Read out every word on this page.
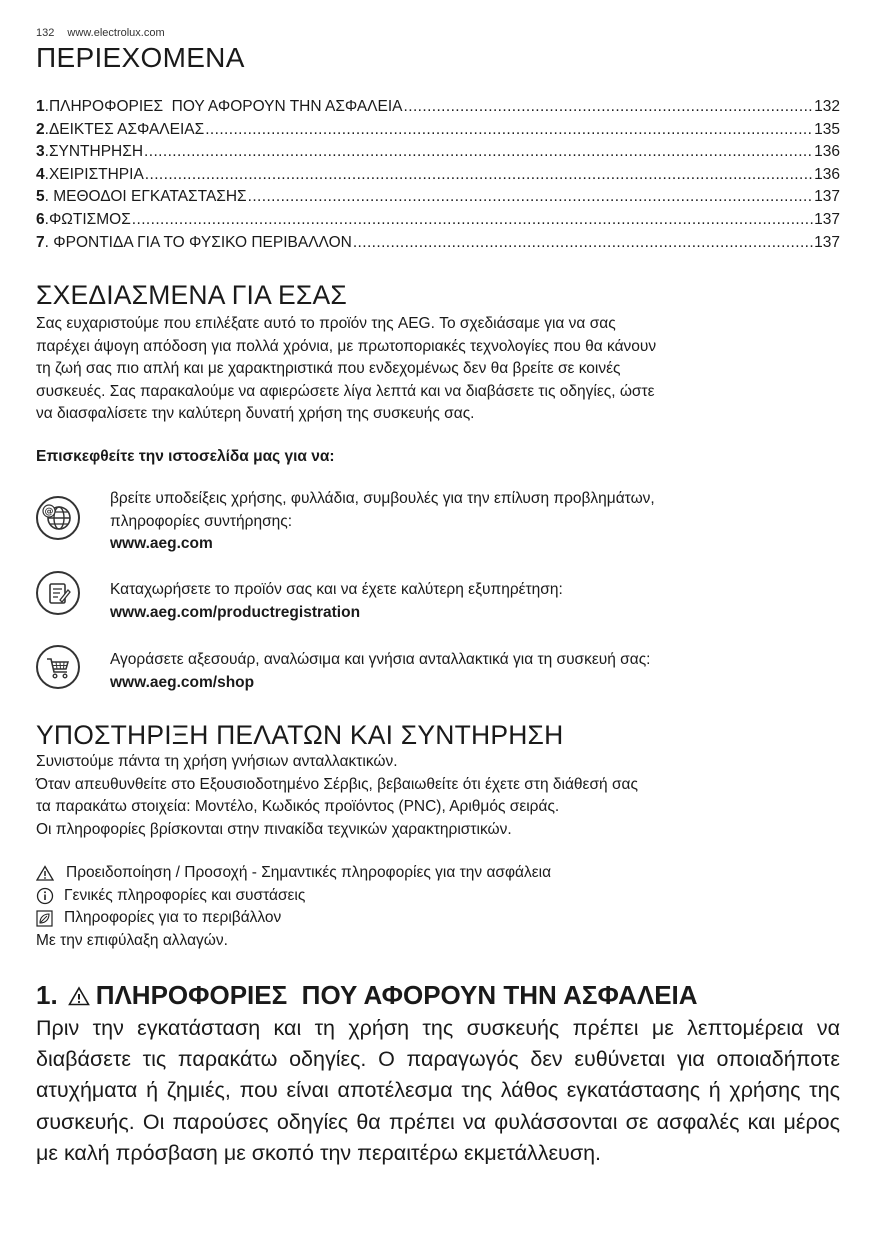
132 www.electrolux.com
ΠΕΡΙΕΧΟΜΕΝΑ
1 . ΠΛΗΡΟΦΟΡΙΕΣ  ΠΟΥ ΑΦΟΡΟΥΝ ΤΗΝ ΑΣΦΑΛΕΙΑ .....	132
2 . ΔΕΙΚΤΕΣ ΑΣΦΑΛΕΙΑΣ .....	135
3 . ΣΥΝΤΗΡΗΣΗ .....	136
4 . ΧΕΙΡΙΣΤΗΡΙΑ .....	136
5 . ΜΕΘΟΔΟΙ ΕΓΚΑΤΑΣΤΑΣΗΣ .....	137
6 . ΦΩΤΙΣΜΟΣ .....	137
7 . ΦΡΟΝΤΙΔΑ ΓΙΑ ΤΟ ΦΥΣΙΚΟ ΠΕΡΙΒΑΛΛΟΝ .....	137
ΣΧΕΔΙΑΣΜΕΝΑ ΓΙΑ ΕΣΑΣ
Σας ευχαριστούμε που επιλέξατε αυτό το προϊόν της AEG. Το σχεδιάσαμε για να σας
παρέχει άψογη απόδοση για πολλά χρόνια, με πρωτοποριακές τεχνολογίες που θα κάνουν
τη ζωή σας πιο απλή και με χαρακτηριστικά που ενδεχομένως δεν θα βρείτε σε κοινές
συσκευές. Σας παρακαλούμε να αφιερώσετε λίγα λεπτά και να διαβάσετε τις οδηγίες, ώστε
να διασφαλίσετε την καλύτερη δυνατή χρήση της συσκευής σας.
Επισκεφθείτε την ιστοσελίδα μας για να:
@
βρείτε υποδείξεις χρήσης, φυλλάδια, συμβουλές για την επίλυση προβλημάτων,
πληροφορίες συντήρησης:
www.aeg.com
Καταχωρήσετε το προϊόν σας και να έχετε καλύτερη εξυπηρέτηση:
www.aeg.com/productregistration
Αγοράσετε αξεσουάρ, αναλώσιμα και γνήσια ανταλλακτικά για τη συσκευή σας:
www.aeg.com/shop
ΥΠΟΣΤΗΡΙΞΗ ΠΕΛΑΤΩΝ ΚΑΙ ΣΥΝΤΗΡΗΣΗ
Συνιστούμε πάντα τη χρήση γνήσιων ανταλλακτικών.
Όταν απευθυνθείτε στο Εξουσιοδοτημένο Σέρβις, βεβαιωθείτε ότι έχετε στη διάθεσή σας
τα παρακάτω στοιχεία: Μοντέλο, Κωδικός προϊόντος (PNC), Αριθμός σειράς.
Οι πληροφορίες βρίσκονται στην πινακίδα τεχνικών χαρακτηριστικών.
Προειδοποίηση / Προσοχή - Σημαντικές πληροφορίες για την ασφάλεια
Γενικές πληροφορίες και συστάσεις
Πληροφορίες για το περιβάλλον
Με την επιφύλαξη αλλαγών.
1. ΠΛΗΡΟΦΟΡΙΕΣ  ΠΟΥ ΑΦΟΡΟΥΝ ΤΗΝ ΑΣΦΑΛΕΙΑ
Πριν την εγκατάσταση και τη χρήση της συσκευής πρέπει με λεπτομέρεια να διαβάσετε τις παρακάτω οδηγίες. Ο παραγωγός δεν ευθύνεται για οποιαδήποτε ατυχήματα ή ζημιές, που είναι αποτέλεσμα της λάθος εγκατάστασης ή χρήσης της συσκευής. Οι παρούσες οδηγίες θα πρέπει να φυλάσσονται σε ασφαλές και μέρος με καλή πρόσβαση με σκοπό την περαιτέρω εκμετάλλευση.
